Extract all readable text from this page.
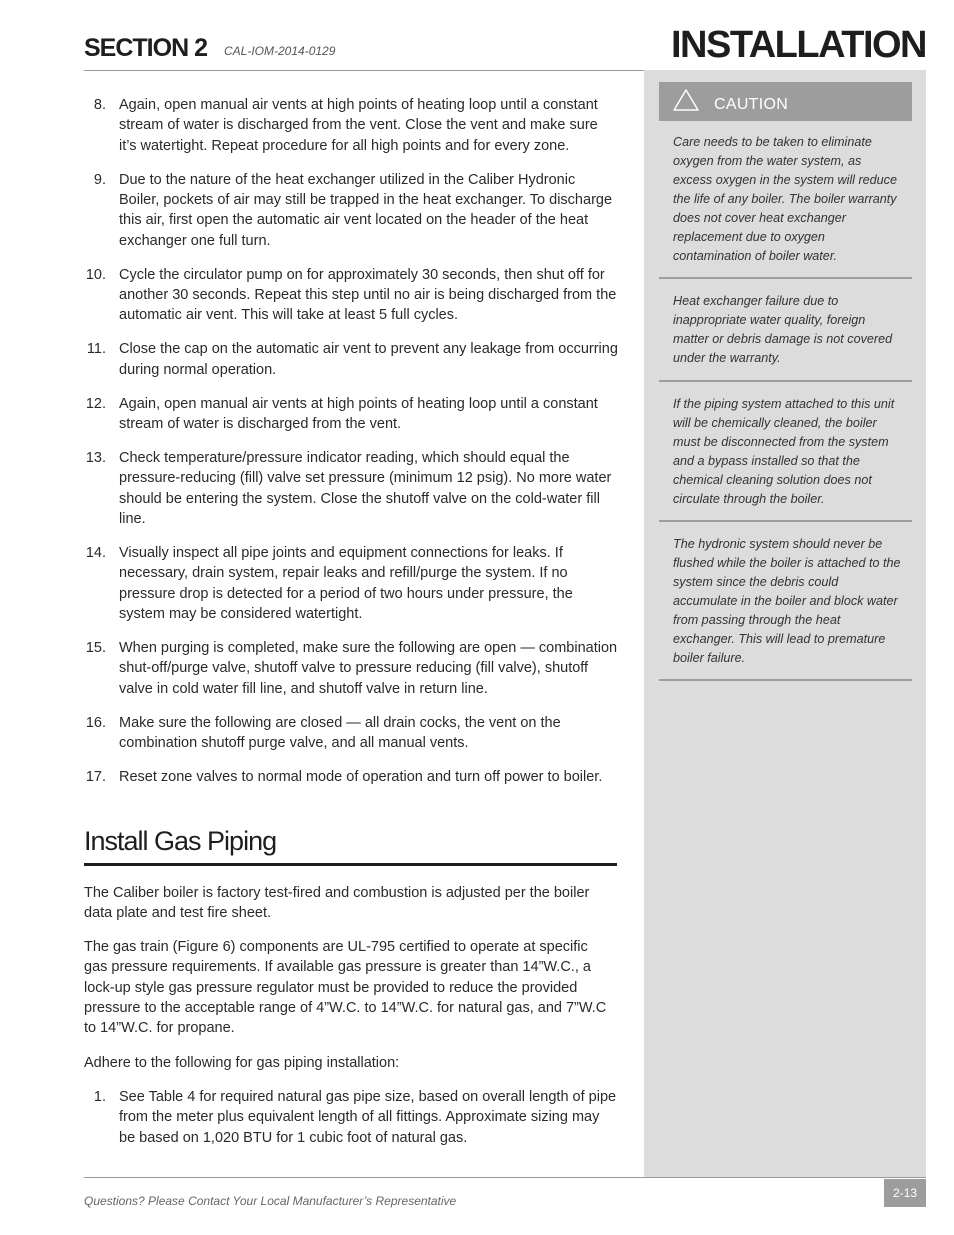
SECTION 2 CAL-IOM-2014-0129	INSTALLATION
CAUTION
Care needs to be taken to eliminate oxygen from the water system, as excess oxygen in the system will reduce the life of any boiler. The boiler warranty does not cover heat exchanger replacement due to oxygen contamination of boiler water.
Heat exchanger failure due to inappropriate water quality, foreign matter or debris damage is not covered under the warranty.
If the piping system attached to this unit will be chemically cleaned, the boiler must be disconnected from the system and a bypass installed so that the chemical cleaning solution does not circulate through the boiler.
The hydronic system should never be flushed while the boiler is attached to the system since the debris could accumulate in the boiler and block water from passing through the heat exchanger. This will lead to premature boiler failure.
8. Again, open manual air vents at high points of heating loop until a constant stream of water is discharged from the vent. Close the vent and make sure it’s watertight. Repeat procedure for all high points and for every zone.
9. Due to the nature of the heat exchanger utilized in the Caliber Hydronic Boiler, pockets of air may still be trapped in the heat exchanger. To discharge this air, first open the automatic air vent located on the header of the heat exchanger one full turn.
10. Cycle the circulator pump on for approximately 30 seconds, then shut off for another 30 seconds. Repeat this step until no air is being discharged from the automatic air vent. This will take at least 5 full cycles.
11. Close the cap on the automatic air vent to prevent any leakage from occurring during normal operation.
12. Again, open manual air vents at high points of heating loop until a constant stream of water is discharged from the vent.
13. Check temperature/pressure indicator reading, which should equal the pressure-reducing (fill) valve set pressure (minimum 12 psig). No more water should be entering the system. Close the shutoff valve on the cold-water fill line.
14. Visually inspect all pipe joints and equipment connections for leaks. If necessary, drain system, repair leaks and refill/purge the system. If no pressure drop is detected for a period of two hours under pressure, the system may be considered watertight.
15. When purging is completed, make sure the following are open — combination shut-off/purge valve, shutoff valve to pressure reducing (fill valve), shutoff valve in cold water fill line, and shutoff valve in return line.
16. Make sure the following are closed — all drain cocks, the vent on the combination shutoff purge valve, and all manual vents.
17. Reset zone valves to normal mode of operation and turn off power to boiler.
Install Gas Piping

The Caliber boiler is factory test-fired and combustion is adjusted per the boiler data plate and test fire sheet.

The gas train (Figure 6) components are UL-795 certified to operate at specific gas pressure requirements. If available gas pressure is greater than 14”W.C., a lock-up style gas pressure regulator must be provided to reduce the provided pressure to the acceptable range of 4”W.C. to 14”W.C. for natural gas, and 7”W.C to 14”W.C. for propane.

Adhere to the following for gas piping installation:

1. See Table 4 for required natural gas pipe size, based on overall length of pipe from the meter plus equivalent length of all fittings. Approximate sizing may be based on 1,020 BTU for 1 cubic foot of natural gas.
Questions? Please Contact Your Local Manufacturer’s Representative
2-13
